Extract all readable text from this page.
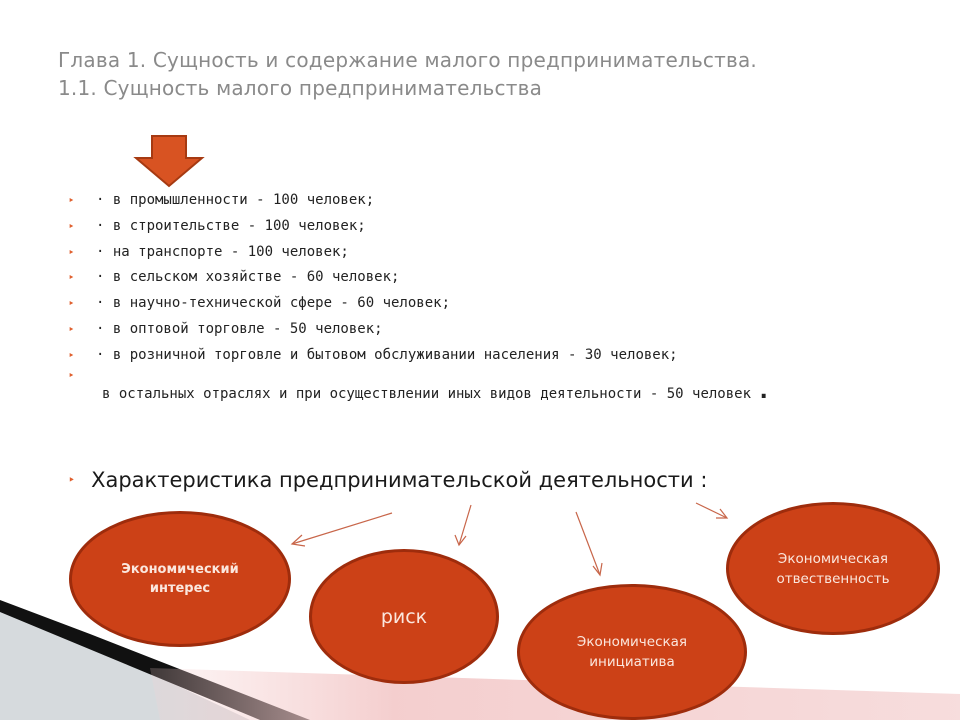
Глава 1. Сущность и содержание малого предпринимательства.
1.1. Сущность малого предпринимательства
‣ · в промышленности - 100 человек;
‣ · в строительстве - 100 человек;
‣ · на транспорте - 100 человек;
‣ · в сельском хозяйстве - 60 человек;
‣ · в научно-технической сфере - 60 человек;
‣ · в оптовой торговле - 50 человек;
‣ · в розничной торговле и бытовом обслуживании населения - 30 человек;
‣
в остальных отраслях и при осуществлении иных видов деятельности - 50 человек .
‣ Характеристика предпринимательской деятельности :
Экономический интерес
риск
Экономическая инициатива
Экономическая отвественность
